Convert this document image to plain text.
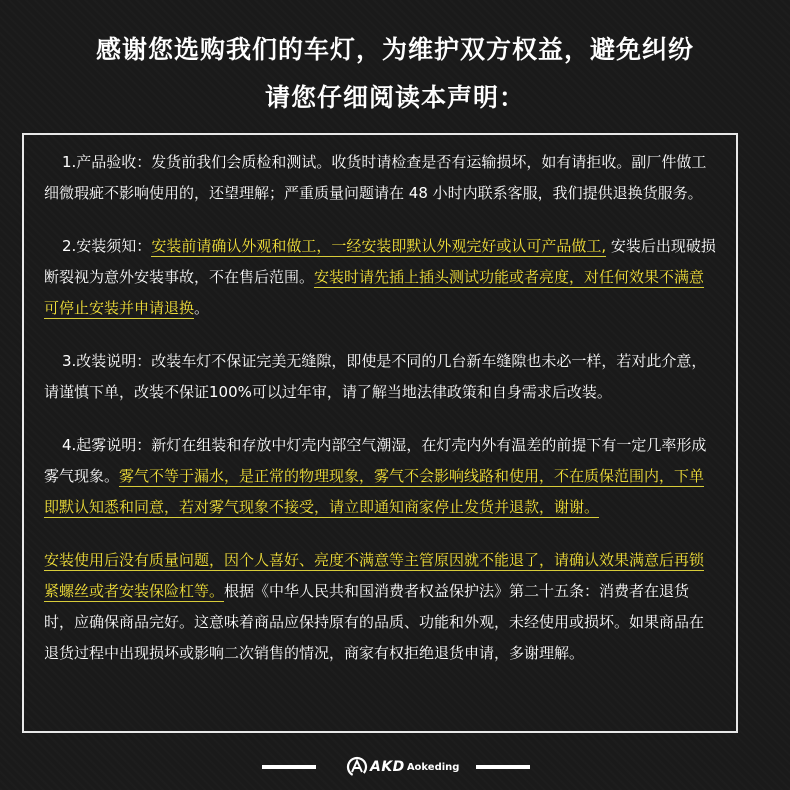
感谢您选购我们的车灯，为维护双方权益，避免纠纷
请您仔细阅读本声明：

1.产品验收：发货前我们会质检和测试。收货时请检查是否有运输损坏，如有请拒收。副厂件做工细微瑕疵不影响使用的，还望理解；严重质量问题请在 48 小时内联系客服，我们提供退换货服务。

2.安装须知：安装前请确认外观和做工，一经安装即默认外观完好或认可产品做工, 安装后出现破损断裂视为意外安装事故，不在售后范围。安装时请先插上插头测试功能或者亮度，对任何效果不满意可停止安装并申请退换。

3.改装说明：改装车灯不保证完美无缝隙，即使是不同的几台新车缝隙也未必一样，若对此介意，请谨慎下单，改装不保证100%可以过年审，请了解当地法律政策和自身需求后改装。

4.起雾说明：新灯在组装和存放中灯壳内部空气潮湿，在灯壳内外有温差的前提下有一定几率形成雾气现象。雾气不等于漏水，是正常的物理现象，雾气不会影响线路和使用，不在质保范围内，下单即默认知悉和同意，若对雾气现象不接受，请立即通知商家停止发货并退款，谢谢。

安装使用后没有质量问题，因个人喜好、亮度不满意等主管原因就不能退了，请确认效果满意后再锁紧螺丝或者安装保险杠等。根据《中华人民共和国消费者权益保护法》第二十五条：消费者在退货时，应确保商品完好。这意味着商品应保持原有的品质、功能和外观，未经使用或损坏。如果商品在退货过程中出现损坏或影响二次销售的情况，商家有权拒绝退货申请，多谢理解。

AKD Aokeding
